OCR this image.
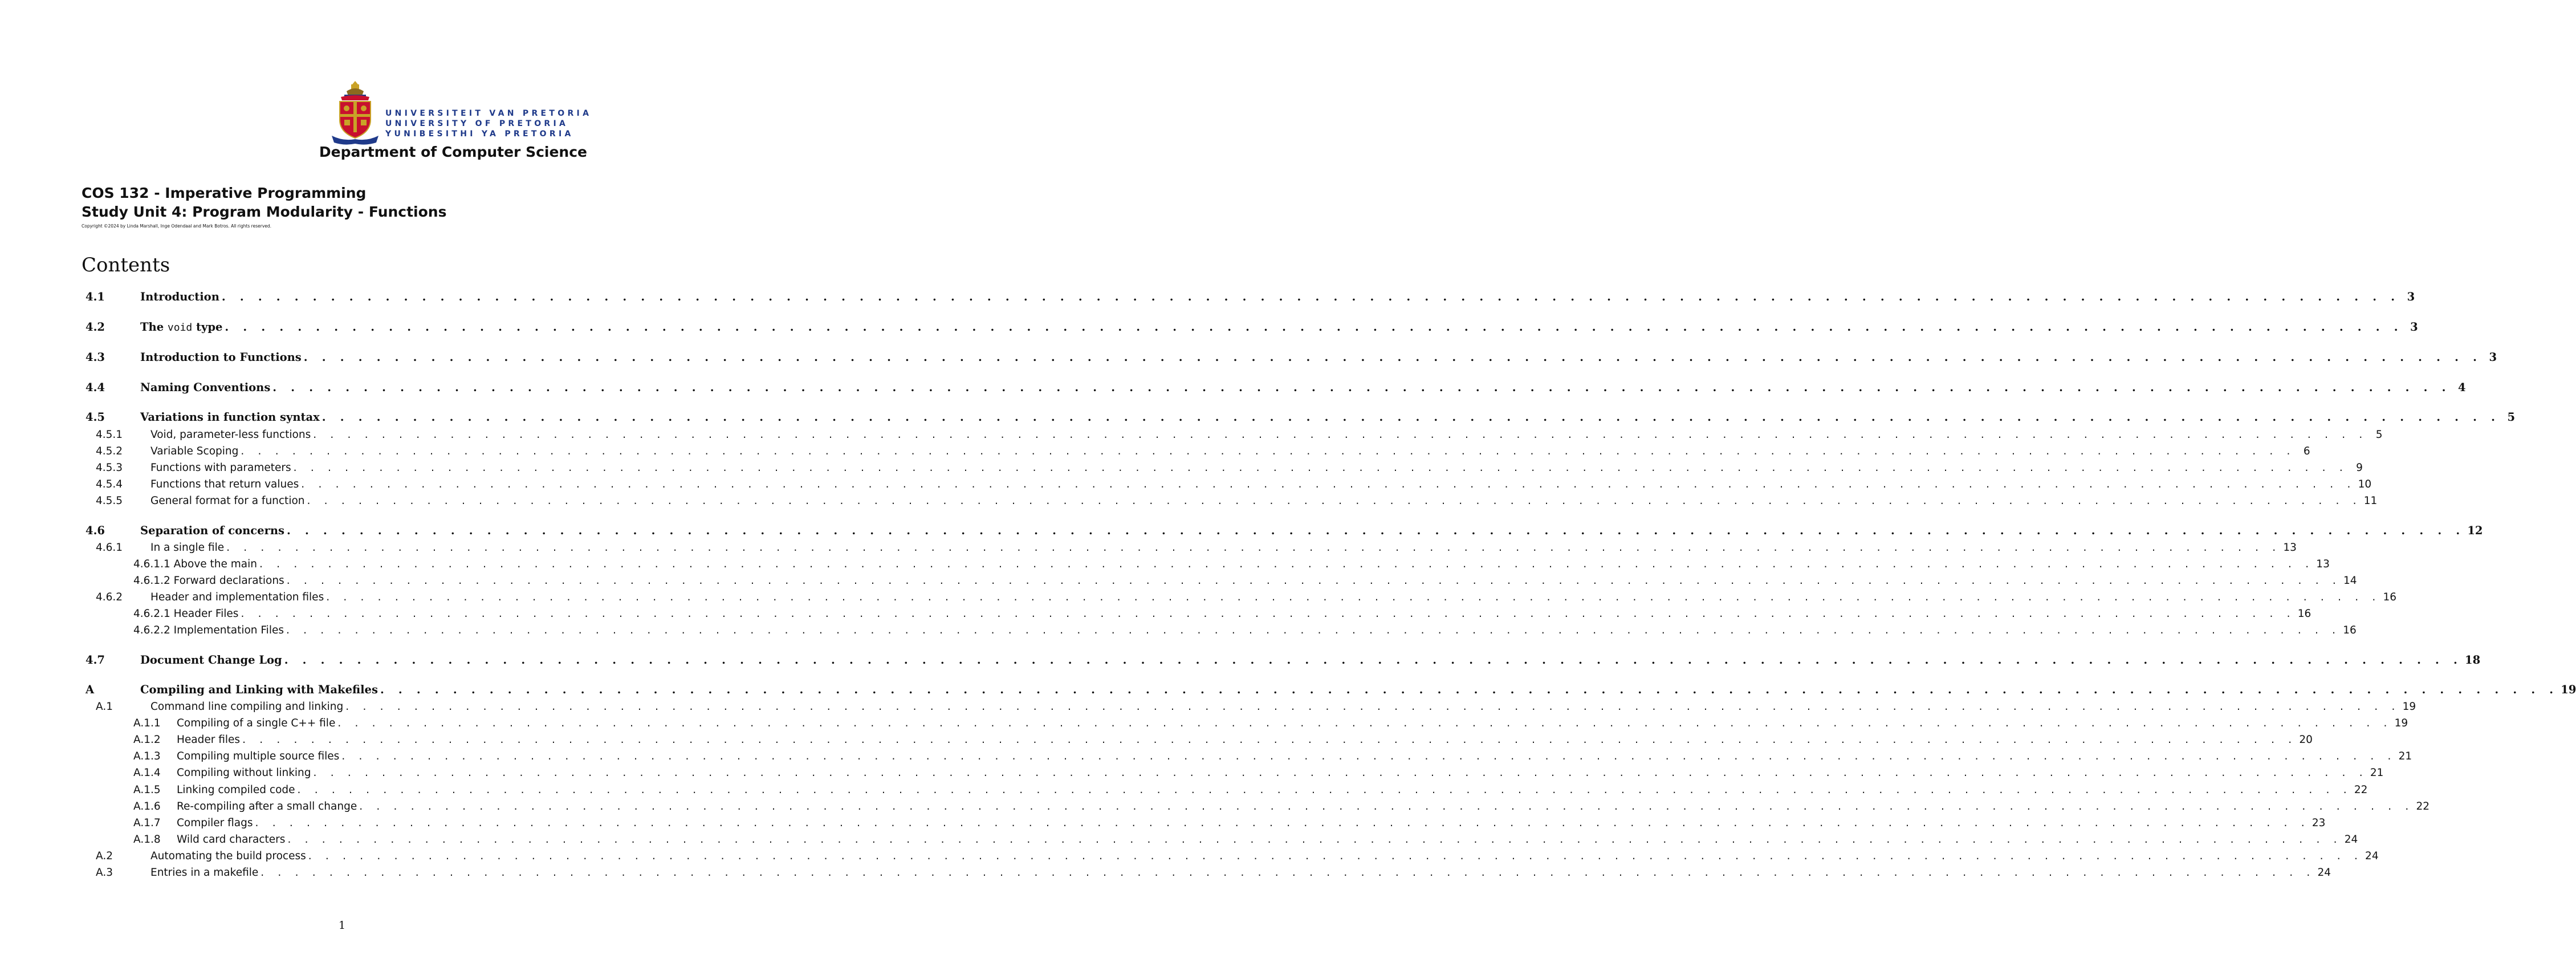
UNIVERSITEIT VAN PRETORIA
UNIVERSITY OF PRETORIA
YUNIBESITHI YA PRETORIA
Department of Computer Science
COS 132 - Imperative Programming
Study Unit 4: Program Modularity - Functions
Copyright ©2024 by Linda Marshall, Inge Odendaal and Mark Botros. All rights reserved.
Contents
4.1	Introduction . . . . . . . . . . . . . . . . . . . . . . . . . . . . . . . . . . . . . . . . . . . . . . . . . . . . . . . . . . . . . . . . . . . . . . . . . . . . . . . . . . . . . . . . . . . . . . . . . . . . . . . . . . . . . . . . . . . . . . . . 3
4.2	The void type . . . . . . . . . . . . . . . . . . . . . . . . . . . . . . . . . . . . . . . . . . . . . . . . . . . . . . . . . . . . . . . . . . . . . . . . . . . . . . . . . . . . . . . . . . . . . . . . . . . . . . . . . . . . . . . . . . . . . . . . 3
4.3	Introduction to Functions . . . . . . . . . . . . . . . . . . . . . . . . . . . . . . . . . . . . . . . . . . . . . . . . . . . . . . . . . . . . . . . . . . . . . . . . . . . . . . . . . . . . . . . . . . . . . . . . . . . . . . . . . . . . . . . . . . . . . . . . 3
4.4	Naming Conventions . . . . . . . . . . . . . . . . . . . . . . . . . . . . . . . . . . . . . . . . . . . . . . . . . . . . . . . . . . . . . . . . . . . . . . . . . . . . . . . . . . . . . . . . . . . . . . . . . . . . . . . . . . . . . . . . . . . . . . . . 4
4.5	Variations in function syntax . . . . . . . . . . . . . . . . . . . . . . . . . . . . . . . . . . . . . . . . . . . . . . . . . . . . . . . . . . . . . . . . . . . . . . . . . . . . . . . . . . . . . . . . . . . . . . . . . . . . . . . . . . . . . . . . . . . . . . . . 5
4.5.1	Void, parameter-less functions . . . . . . . . . . . . . . . . . . . . . . . . . . . . . . . . . . . . . . . . . . . . . . . . . . . . . . . . . . . . . . . . . . . . . . . . . . . . . . . . . . . . . . . . . . . . . . . . . . . . . . . . . . . . . . . . . . . . . . . . 5
4.5.2	Variable Scoping . . . . . . . . . . . . . . . . . . . . . . . . . . . . . . . . . . . . . . . . . . . . . . . . . . . . . . . . . . . . . . . . . . . . . . . . . . . . . . . . . . . . . . . . . . . . . . . . . . . . . . . . . . . . . . . . . . . . . . . . 6
4.5.3	Functions with parameters . . . . . . . . . . . . . . . . . . . . . . . . . . . . . . . . . . . . . . . . . . . . . . . . . . . . . . . . . . . . . . . . . . . . . . . . . . . . . . . . . . . . . . . . . . . . . . . . . . . . . . . . . . . . . . . . . . . . . . . . 9
4.5.4	Functions that return values . . . . . . . . . . . . . . . . . . . . . . . . . . . . . . . . . . . . . . . . . . . . . . . . . . . . . . . . . . . . . . . . . . . . . . . . . . . . . . . . . . . . . . . . . . . . . . . . . . . . . . . . . . . . . . . . . . . . . . . . 10
4.5.5	General format for a function . . . . . . . . . . . . . . . . . . . . . . . . . . . . . . . . . . . . . . . . . . . . . . . . . . . . . . . . . . . . . . . . . . . . . . . . . . . . . . . . . . . . . . . . . . . . . . . . . . . . . . . . . . . . . . . . . . . . . . . . 11
4.6	Separation of concerns . . . . . . . . . . . . . . . . . . . . . . . . . . . . . . . . . . . . . . . . . . . . . . . . . . . . . . . . . . . . . . . . . . . . . . . . . . . . . . . . . . . . . . . . . . . . . . . . . . . . . . . . . . . . . . . . . . . . . . . . 12
4.6.1	In a single file . . . . . . . . . . . . . . . . . . . . . . . . . . . . . . . . . . . . . . . . . . . . . . . . . . . . . . . . . . . . . . . . . . . . . . . . . . . . . . . . . . . . . . . . . . . . . . . . . . . . . . . . . . . . . . . . . . . . . . . . 13
4.6.1.1 Above the main . . . . . . . . . . . . . . . . . . . . . . . . . . . . . . . . . . . . . . . . . . . . . . . . . . . . . . . . . . . . . . . . . . . . . . . . . . . . . . . . . . . . . . . . . . . . . . . . . . . . . . . . . . . . . . . . . . . . . . . . 13
4.6.1.2 Forward declarations . . . . . . . . . . . . . . . . . . . . . . . . . . . . . . . . . . . . . . . . . . . . . . . . . . . . . . . . . . . . . . . . . . . . . . . . . . . . . . . . . . . . . . . . . . . . . . . . . . . . . . . . . . . . . . . . . . . . . . . . 14
4.6.2	Header and implementation files . . . . . . . . . . . . . . . . . . . . . . . . . . . . . . . . . . . . . . . . . . . . . . . . . . . . . . . . . . . . . . . . . . . . . . . . . . . . . . . . . . . . . . . . . . . . . . . . . . . . . . . . . . . . . . . . . . . . . . . . 16
4.6.2.1 Header Files . . . . . . . . . . . . . . . . . . . . . . . . . . . . . . . . . . . . . . . . . . . . . . . . . . . . . . . . . . . . . . . . . . . . . . . . . . . . . . . . . . . . . . . . . . . . . . . . . . . . . . . . . . . . . . . . . . . . . . . . 16
4.6.2.2 Implementation Files . . . . . . . . . . . . . . . . . . . . . . . . . . . . . . . . . . . . . . . . . . . . . . . . . . . . . . . . . . . . . . . . . . . . . . . . . . . . . . . . . . . . . . . . . . . . . . . . . . . . . . . . . . . . . . . . . . . . . . . . 16
4.7	Document Change Log . . . . . . . . . . . . . . . . . . . . . . . . . . . . . . . . . . . . . . . . . . . . . . . . . . . . . . . . . . . . . . . . . . . . . . . . . . . . . . . . . . . . . . . . . . . . . . . . . . . . . . . . . . . . . . . . . . . . . . . . 18
A	Compiling and Linking with Makefiles . . . . . . . . . . . . . . . . . . . . . . . . . . . . . . . . . . . . . . . . . . . . . . . . . . . . . . . . . . . . . . . . . . . . . . . . . . . . . . . . . . . . . . . . . . . . . . . . . . . . . . . . . . . . . . . . . . . . . . . . 19
A.1	Command line compiling and linking . . . . . . . . . . . . . . . . . . . . . . . . . . . . . . . . . . . . . . . . . . . . . . . . . . . . . . . . . . . . . . . . . . . . . . . . . . . . . . . . . . . . . . . . . . . . . . . . . . . . . . . . . . . . . . . . . . . . . . . . 19
A.1.1 Compiling of a single C++ file . . . . . . . . . . . . . . . . . . . . . . . . . . . . . . . . . . . . . . . . . . . . . . . . . . . . . . . . . . . . . . . . . . . . . . . . . . . . . . . . . . . . . . . . . . . . . . . . . . . . . . . . . . . . . . . . . . . . . . . . 19
A.1.2 Header files . . . . . . . . . . . . . . . . . . . . . . . . . . . . . . . . . . . . . . . . . . . . . . . . . . . . . . . . . . . . . . . . . . . . . . . . . . . . . . . . . . . . . . . . . . . . . . . . . . . . . . . . . . . . . . . . . . . . . . . . 20
A.1.3 Compiling multiple source files . . . . . . . . . . . . . . . . . . . . . . . . . . . . . . . . . . . . . . . . . . . . . . . . . . . . . . . . . . . . . . . . . . . . . . . . . . . . . . . . . . . . . . . . . . . . . . . . . . . . . . . . . . . . . . . . . . . . . . . . 21
A.1.4 Compiling without linking . . . . . . . . . . . . . . . . . . . . . . . . . . . . . . . . . . . . . . . . . . . . . . . . . . . . . . . . . . . . . . . . . . . . . . . . . . . . . . . . . . . . . . . . . . . . . . . . . . . . . . . . . . . . . . . . . . . . . . . . 21
A.1.5 Linking compiled code . . . . . . . . . . . . . . . . . . . . . . . . . . . . . . . . . . . . . . . . . . . . . . . . . . . . . . . . . . . . . . . . . . . . . . . . . . . . . . . . . . . . . . . . . . . . . . . . . . . . . . . . . . . . . . . . . . . . . . . . 22
A.1.6 Re-compiling after a small change . . . . . . . . . . . . . . . . . . . . . . . . . . . . . . . . . . . . . . . . . . . . . . . . . . . . . . . . . . . . . . . . . . . . . . . . . . . . . . . . . . . . . . . . . . . . . . . . . . . . . . . . . . . . . . . . . . . . . . . . 22
A.1.7 Compiler flags . . . . . . . . . . . . . . . . . . . . . . . . . . . . . . . . . . . . . . . . . . . . . . . . . . . . . . . . . . . . . . . . . . . . . . . . . . . . . . . . . . . . . . . . . . . . . . . . . . . . . . . . . . . . . . . . . . . . . . . . 23
A.1.8 Wild card characters . . . . . . . . . . . . . . . . . . . . . . . . . . . . . . . . . . . . . . . . . . . . . . . . . . . . . . . . . . . . . . . . . . . . . . . . . . . . . . . . . . . . . . . . . . . . . . . . . . . . . . . . . . . . . . . . . . . . . . . . 24
A.2	Automating the build process . . . . . . . . . . . . . . . . . . . . . . . . . . . . . . . . . . . . . . . . . . . . . . . . . . . . . . . . . . . . . . . . . . . . . . . . . . . . . . . . . . . . . . . . . . . . . . . . . . . . . . . . . . . . . . . . . . . . . . . . 24
A.3	Entries in a makefile . . . . . . . . . . . . . . . . . . . . . . . . . . . . . . . . . . . . . . . . . . . . . . . . . . . . . . . . . . . . . . . . . . . . . . . . . . . . . . . . . . . . . . . . . . . . . . . . . . . . . . . . . . . . . . . . . . . . . . . . 24
1
